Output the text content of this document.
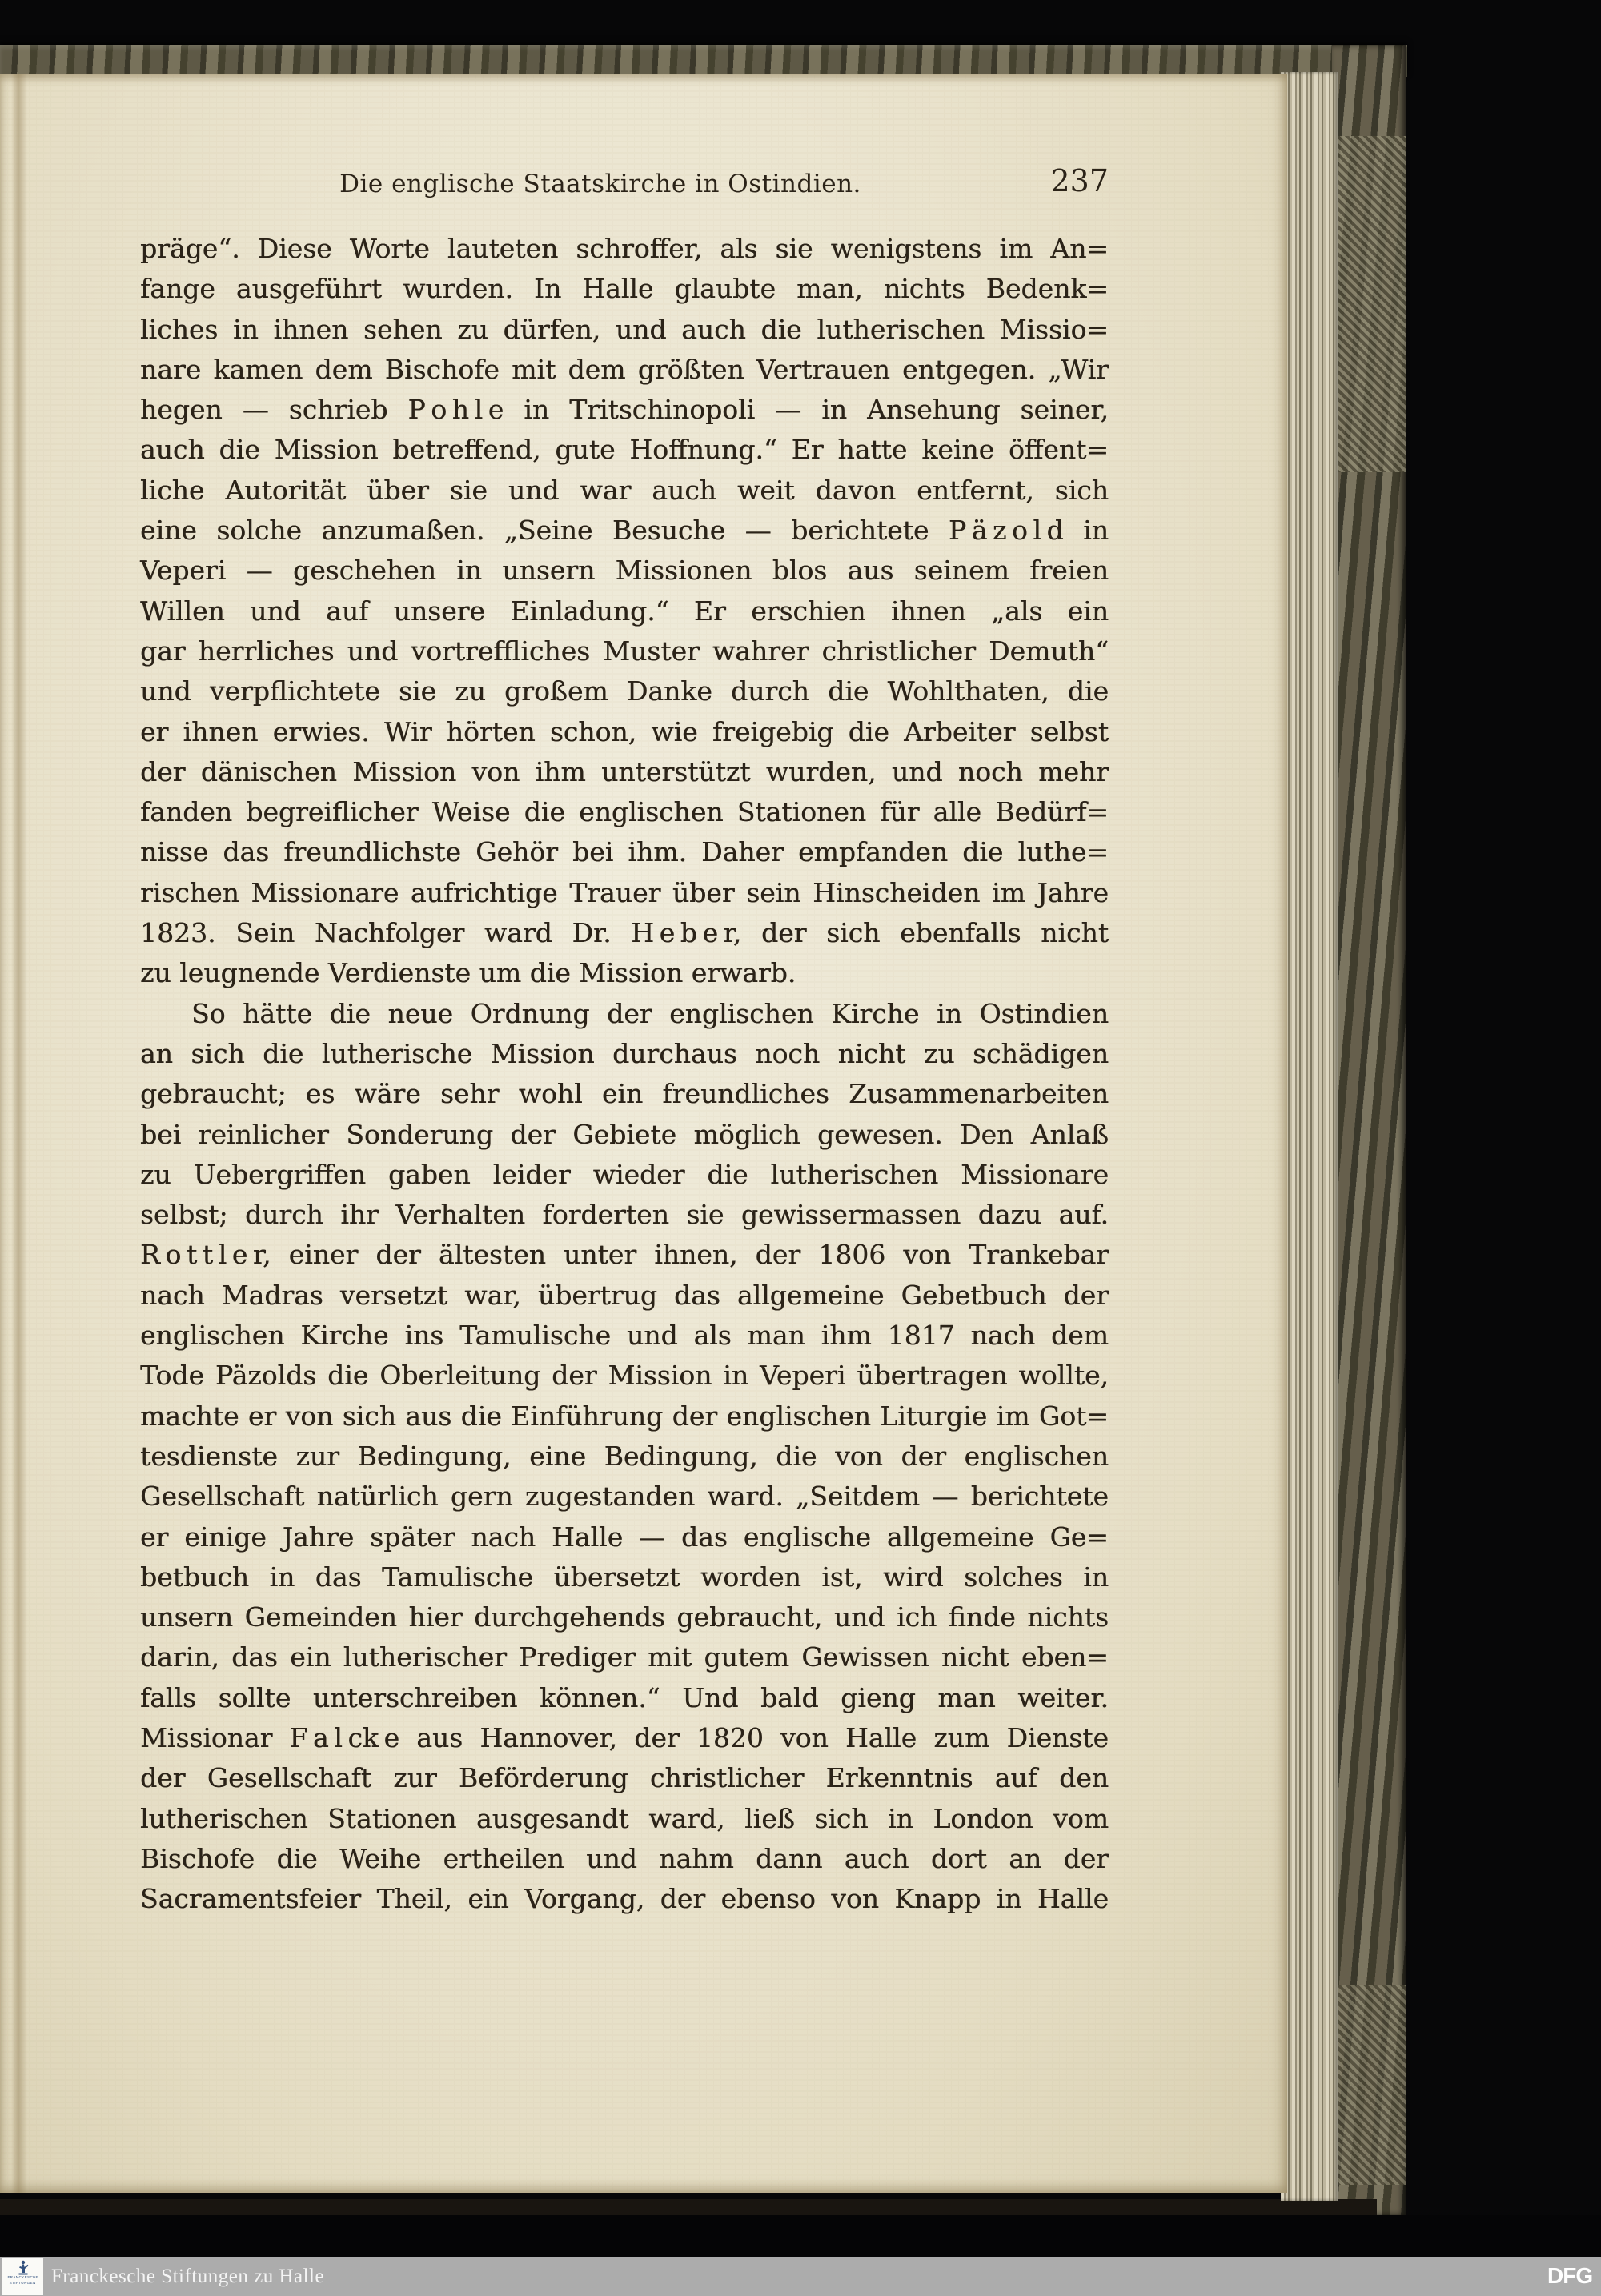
Die englische Staatskirche in Ostindien.	237
präge“. Diese Worte lauteten schroffer, als sie wenigstens im An=
fange ausgeführt wurden. In Halle glaubte man, nichts Bedenk=
liches in ihnen sehen zu dürfen, und auch die lutherischen Missio=
nare kamen dem Bischofe mit dem größten Vertrauen entgegen. „Wir
hegen — schrieb P o h l e in Tritschinopoli — in Ansehung seiner,
auch die Mission betreffend, gute Hoffnung.“ Er hatte keine öffent=
liche Autorität über sie und war auch weit davon entfernt, sich
eine solche anzumaßen. „Seine Besuche — berichtete P ä z o l d in
Veperi — geschehen in unsern Missionen blos aus seinem freien
Willen und auf unsere Einladung.“ Er erschien ihnen „als ein
gar herrliches und vortreffliches Muster wahrer christlicher Demuth“
und verpflichtete sie zu großem Danke durch die Wohlthaten, die
er ihnen erwies. Wir hörten schon, wie freigebig die Arbeiter selbst
der dänischen Mission von ihm unterstützt wurden, und noch mehr
fanden begreiflicher Weise die englischen Stationen für alle Bedürf=
nisse das freundlichste Gehör bei ihm. Daher empfanden die luthe=
rischen Missionare aufrichtige Trauer über sein Hinscheiden im Jahre
1823. Sein Nachfolger ward Dr. H e b e r, der sich ebenfalls nicht
zu leugnende Verdienste um die Mission erwarb.
So hätte die neue Ordnung der englischen Kirche in Ostindien
an sich die lutherische Mission durchaus noch nicht zu schädigen
gebraucht; es wäre sehr wohl ein freundliches Zusammenarbeiten
bei reinlicher Sonderung der Gebiete möglich gewesen. Den Anlaß
zu Uebergriffen gaben leider wieder die lutherischen Missionare
selbst; durch ihr Verhalten forderten sie gewissermassen dazu auf.
R o t t l e r, einer der ältesten unter ihnen, der 1806 von Trankebar
nach Madras versetzt war, übertrug das allgemeine Gebetbuch der
englischen Kirche ins Tamulische und als man ihm 1817 nach dem
Tode Päzolds die Oberleitung der Mission in Veperi übertragen wollte,
machte er von sich aus die Einführung der englischen Liturgie im Got=
tesdienste zur Bedingung, eine Bedingung, die von der englischen
Gesellschaft natürlich gern zugestanden ward. „Seitdem — berichtete
er einige Jahre später nach Halle — das englische allgemeine Ge=
betbuch in das Tamulische übersetzt worden ist, wird solches in
unsern Gemeinden hier durchgehends gebraucht, und ich finde nichts
darin, das ein lutherischer Prediger mit gutem Gewissen nicht eben=
falls sollte unterschreiben können.“ Und bald gieng man weiter.
Missionar F a l ck e aus Hannover, der 1820 von Halle zum Dienste
der Gesellschaft zur Beförderung christlicher Erkenntnis auf den
lutherischen Stationen ausgesandt ward, ließ sich in London vom
Bischofe die Weihe ertheilen und nahm dann auch dort an der
Sacramentsfeier Theil, ein Vorgang, der ebenso von Knapp in Halle
FRANCKESCHE
STIFTUNGEN Franckesche Stiftungen zu Halle	DFG
